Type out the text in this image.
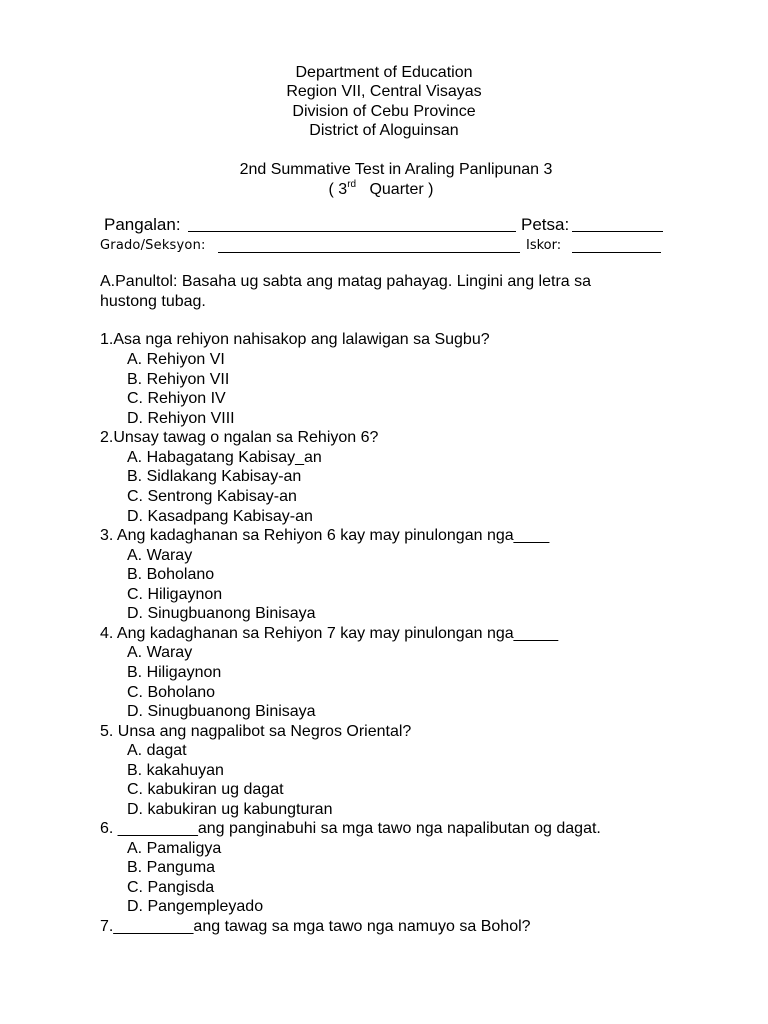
Department of Education
Region VII, Central Visayas
Division of Cebu Province
District of Aloguinsan
2nd Summative Test in Araling Panlipunan 3
( 3rd Quarter )
Pangalan:	Petsa:
Grado/Seksyon:	Iskor:
A.Panultol: Basaha ug sabta ang matag pahayag. Lingini ang letra sa
hustong tubag.
1.Asa nga rehiyon nahisakop ang lalawigan sa Sugbu?
A. Rehiyon VI
B. Rehiyon VII
C. Rehiyon IV
D. Rehiyon VIII
2.Unsay tawag o ngalan sa Rehiyon 6?
A. Habagatang Kabisay_an
B. Sidlakang Kabisay-an
C. Sentrong Kabisay-an
D. Kasadpang Kabisay-an
3. Ang kadaghanan sa Rehiyon 6 kay may pinulongan nga____
A. Waray
B. Boholano
C. Hiligaynon
D. Sinugbuanong Binisaya
4. Ang kadaghanan sa Rehiyon 7 kay may pinulongan nga_____
A. Waray
B. Hiligaynon
C. Boholano
D. Sinugbuanong Binisaya
5. Unsa ang nagpalibot sa Negros Oriental?
A. dagat
B. kakahuyan
C. kabukiran ug dagat
D. kabukiran ug kabungturan
6. _________ang panginabuhi sa mga tawo nga napalibutan og dagat.
A. Pamaligya
B. Panguma
C. Pangisda
D. Pangempleyado
7._________ang tawag sa mga tawo nga namuyo sa Bohol?
